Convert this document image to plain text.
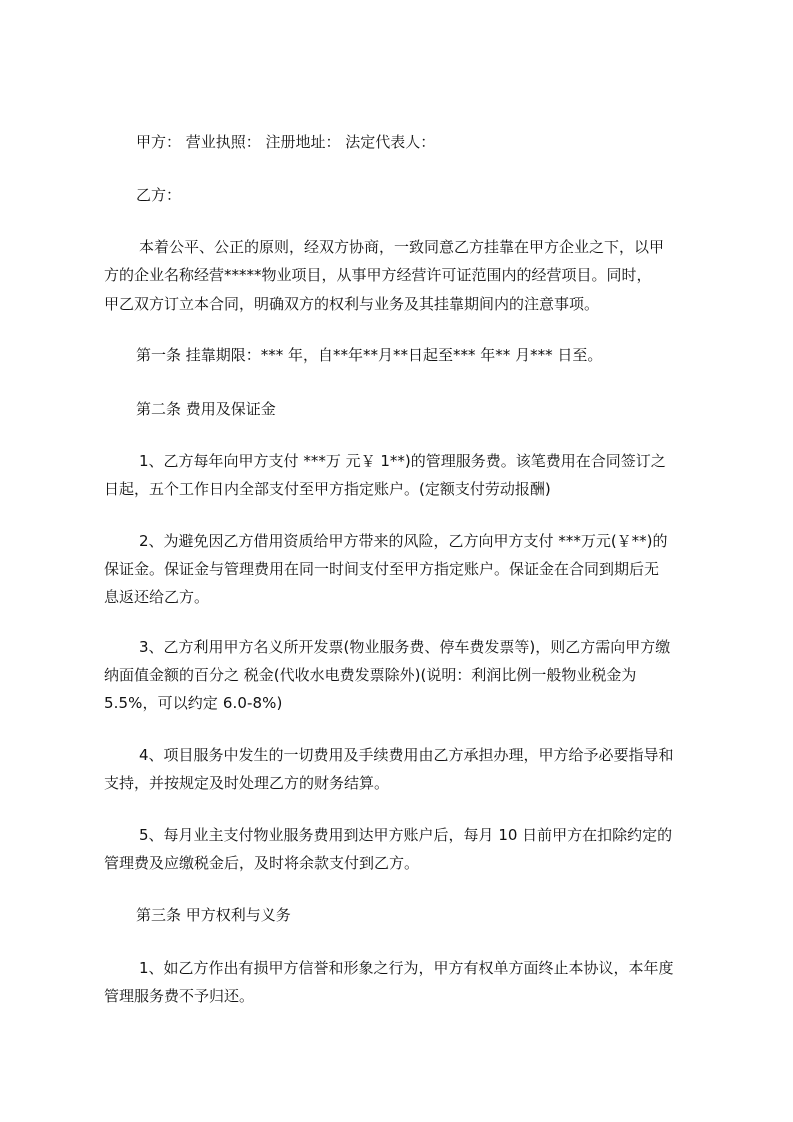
甲方： 营业执照： 注册地址： 法定代表人：
乙方：
本着公平、公正的原则，经双方协商，一致同意乙方挂靠在甲方企业之下，以甲
方的企业名称经营*****物业项目，从事甲方经营许可证范围内的经营项目。同时，
甲乙双方订立本合同，明确双方的权利与业务及其挂靠期间内的注意事项。
第一条 挂靠期限：*** 年，自**年**月**日起至*** 年** 月*** 日至。
第二条 费用及保证金
1、乙方每年向甲方支付 ***万 元￥ 1**)的管理服务费。该笔费用在合同签订之
日起，五个工作日内全部支付至甲方指定账户。(定额支付劳动报酬)
2、为避免因乙方借用资质给甲方带来的风险，乙方向甲方支付 ***万元(￥**)的
保证金。保证金与管理费用在同一时间支付至甲方指定账户。保证金在合同到期后无
息返还给乙方。
3、乙方利用甲方名义所开发票(物业服务费、停车费发票等)，则乙方需向甲方缴
纳面值金额的百分之 税金(代收水电费发票除外)(说明：利润比例一般物业税金为
5.5%，可以约定 6.0-8%)
4、项目服务中发生的一切费用及手续费用由乙方承担办理，甲方给予必要指导和
支持，并按规定及时处理乙方的财务结算。
5、每月业主支付物业服务费用到达甲方账户后，每月 10 日前甲方在扣除约定的
管理费及应缴税金后，及时将余款支付到乙方。
第三条 甲方权利与义务
1、如乙方作出有损甲方信誉和形象之行为，甲方有权单方面终止本协议，本年度
管理服务费不予归还。
